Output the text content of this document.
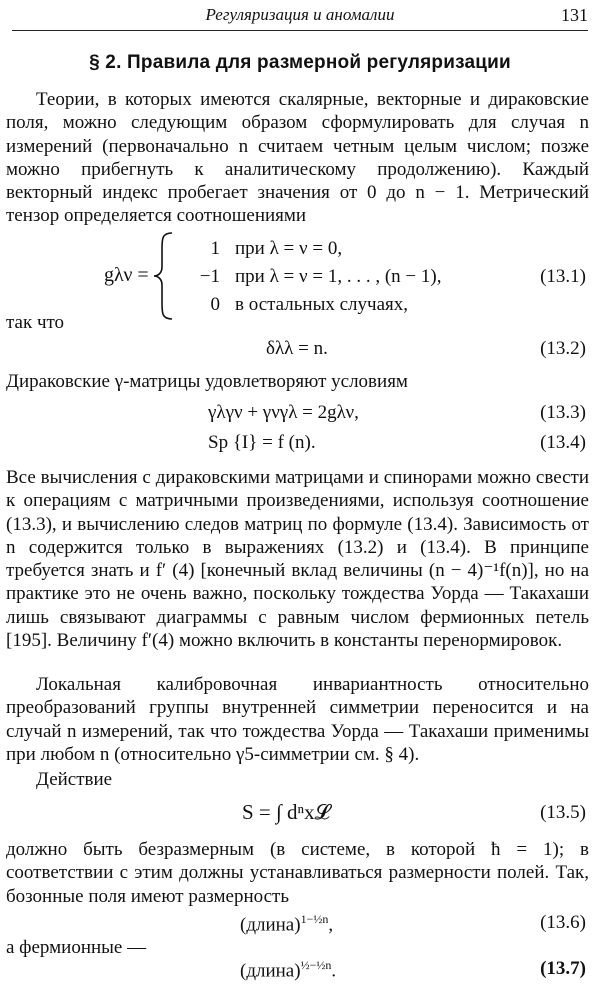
Регуляризация и аномалии	131
§ 2. Правила для размерной регуляризации

Теории, в которых имеются скалярные, векторные и дираковские поля, можно следующим образом сформулировать для случая n измерений (первоначально n считаем четным целым числом; позже можно прибегнуть к аналитическому продолжению). Каждый векторный индекс пробегает значения от 0 до n − 1. Метрический тензор определяется соотношениями

gλν =
1 при λ = ν = 0,
−1 при λ = ν = 1, . . . , (n − 1),
0 в остальных случаях,
(13.1)
так что
δλλ = n.	(13.2)

Дираковские γ-матрицы удовлетворяют условиям

γλγν + γνγλ = 2gλν,	(13.3)
Sp {I} = f (n).	(13.4)

Все вычисления с дираковскими матрицами и спинорами можно свести к операциям с матричными произведениями, используя соотношение (13.3), и вычислению следов матриц по формуле (13.4). Зависимость от n содержится только в выражениях (13.2) и (13.4). В принципе требуется знать и f′ (4) [конечный вклад величины (n − 4)⁻¹f(n)], но на практике это не очень важно, поскольку тождества Уорда — Такахаши лишь связывают диаграммы с равным числом фермионных петель [195]. Величину f′(4) можно включить в константы перенормировок.

Локальная калибровочная инвариантность относительно преобразований группы внутренней симметрии переносится и на случай n измерений, так что тождества Уорда — Такахаши применимы при любом n (относительно γ5-симметрии см. § 4).

Действие

S = ∫ dⁿx𝓛	(13.5)

должно быть безразмерным (в системе, в которой ħ = 1); в соответствии с этим должны устанавливаться размерности полей. Так, бозонные поля имеют размерность

(длина)$^{1-\frac{1}{2}n}$,	(13.6)
а фермионные —
(длина)$^{\frac{1}{2}-\frac{1}{2}n}$.	(13.7)
